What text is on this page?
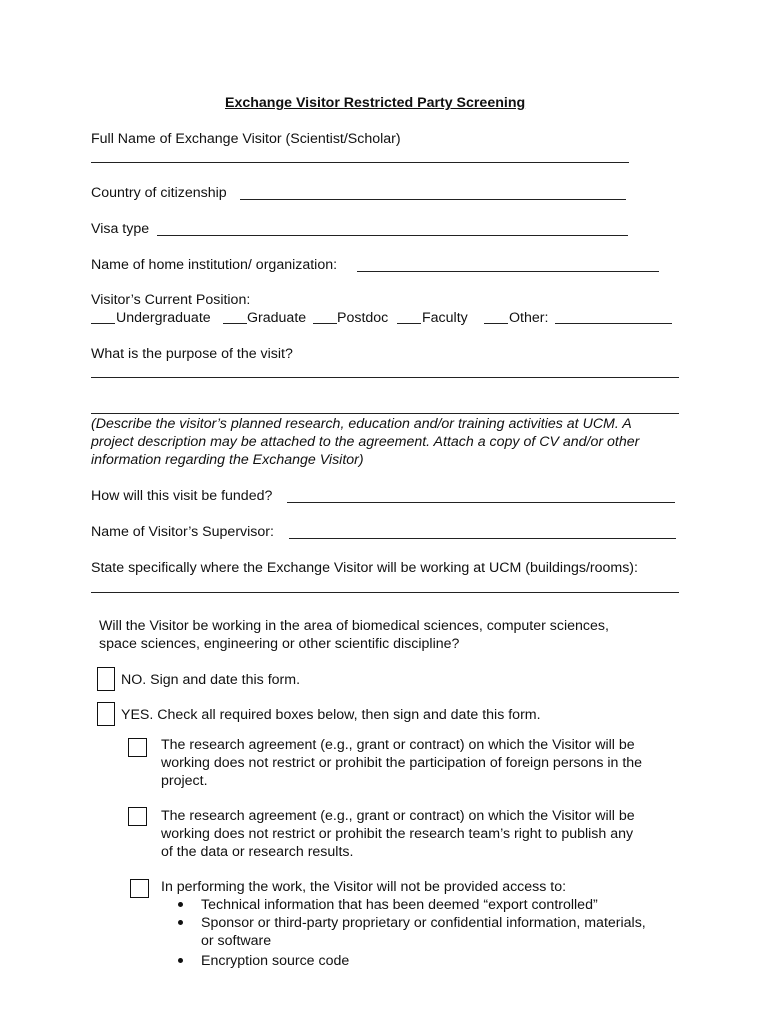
Exchange Visitor Restricted Party Screening
Full Name of Exchange Visitor (Scientist/Scholar)
Country of citizenship
Visa type
Name of home institution/ organization:
Visitor’s Current Position:
Undergraduate	Graduate Postdoc Faculty	Other:
What is the purpose of the visit?
(Describe the visitor’s planned research, education and/or training activities at UCM. A
project description may be attached to the agreement. Attach a copy of CV and/or other
information regarding the Exchange Visitor)
How will this visit be funded?
Name of Visitor’s Supervisor:
State specifically where the Exchange Visitor will be working at UCM (buildings/rooms):
Will the Visitor be working in the area of biomedical sciences, computer sciences,
space sciences, engineering or other scientific discipline?
NO. Sign and date this form.
YES. Check all required boxes below, then sign and date this form.
The research agreement (e.g., grant or contract) on which the Visitor will be
working does not restrict or prohibit the participation of foreign persons in the
project.
The research agreement (e.g., grant or contract) on which the Visitor will be
working does not restrict or prohibit the research team’s right to publish any
of the data or research results.
In performing the work, the Visitor will not be provided access to:
Technical information that has been deemed “export controlled”
Sponsor or third-party proprietary or confidential information, materials,
or software
Encryption source code
